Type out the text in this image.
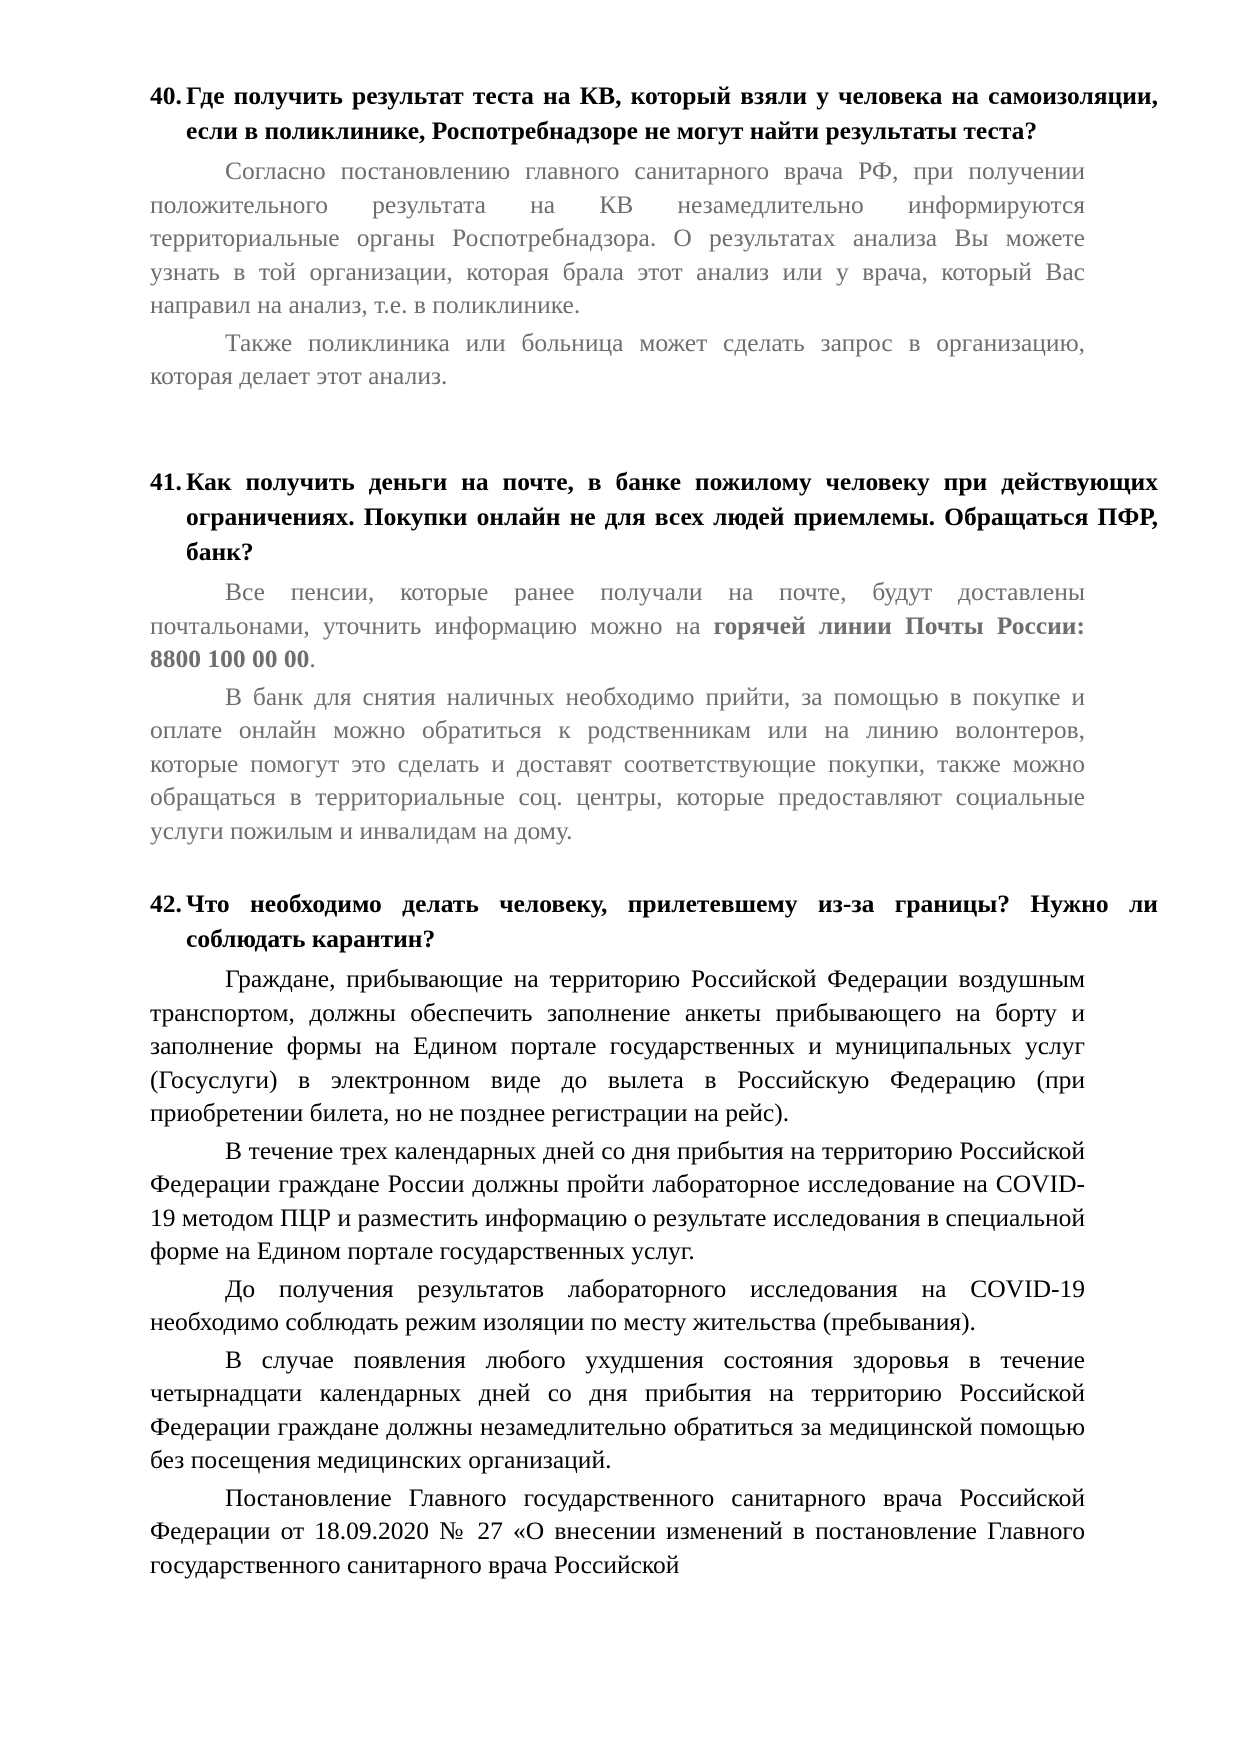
40. Где получить результат теста на КВ, который взяли у человека на самоизоляции, если в поликлинике, Роспотребнадзоре не могут найти результаты теста?

Согласно постановлению главного санитарного врача РФ, при получении положительного результата на КВ незамедлительно информируются территориальные органы Роспотребнадзора. О результатах анализа Вы можете узнать в той организации, которая брала этот анализ или у врача, который Вас направил на анализ, т.е. в поликлинике.

Также поликлиника или больница может сделать запрос в организацию, которая делает этот анализ.

41. Как получить деньги на почте, в банке пожилому человеку при действующих ограничениях. Покупки онлайн не для всех людей приемлемы. Обращаться ПФР, банк?

Все пенсии, которые ранее получали на почте, будут доставлены почтальонами, уточнить информацию можно на горячей линии Почты России: 8800 100 00 00.

В банк для снятия наличных необходимо прийти, за помощью в покупке и оплате онлайн можно обратиться к родственникам или на линию волонтеров, которые помогут это сделать и доставят соответствующие покупки, также можно обращаться в территориальные соц. центры, которые предоставляют социальные услуги пожилым и инвалидам на дому.

42. Что необходимо делать человеку, прилетевшему из-за границы? Нужно ли соблюдать карантин?

Граждане, прибывающие на территорию Российской Федерации воздушным транспортом, должны обеспечить заполнение анкеты прибывающего на борту и заполнение формы на Едином портале государственных и муниципальных услуг (Госуслуги) в электронном виде до вылета в Российскую Федерацию (при приобретении билета, но не позднее регистрации на рейс).

В течение трех календарных дней со дня прибытия на территорию Российской Федерации граждане России должны пройти лабораторное исследование на COVID-19 методом ПЦР и разместить информацию о результате исследования в специальной форме на Едином портале государственных услуг.

До получения результатов лабораторного исследования на COVID-19 необходимо соблюдать режим изоляции по месту жительства (пребывания).

В случае появления любого ухудшения состояния здоровья в течение четырнадцати календарных дней со дня прибытия на территорию Российской Федерации граждане должны незамедлительно обратиться за медицинской помощью без посещения медицинских организаций.

Постановление Главного государственного санитарного врача Российской Федерации от 18.09.2020 № 27 «О внесении изменений в постановление Главного государственного санитарного врача Российской
